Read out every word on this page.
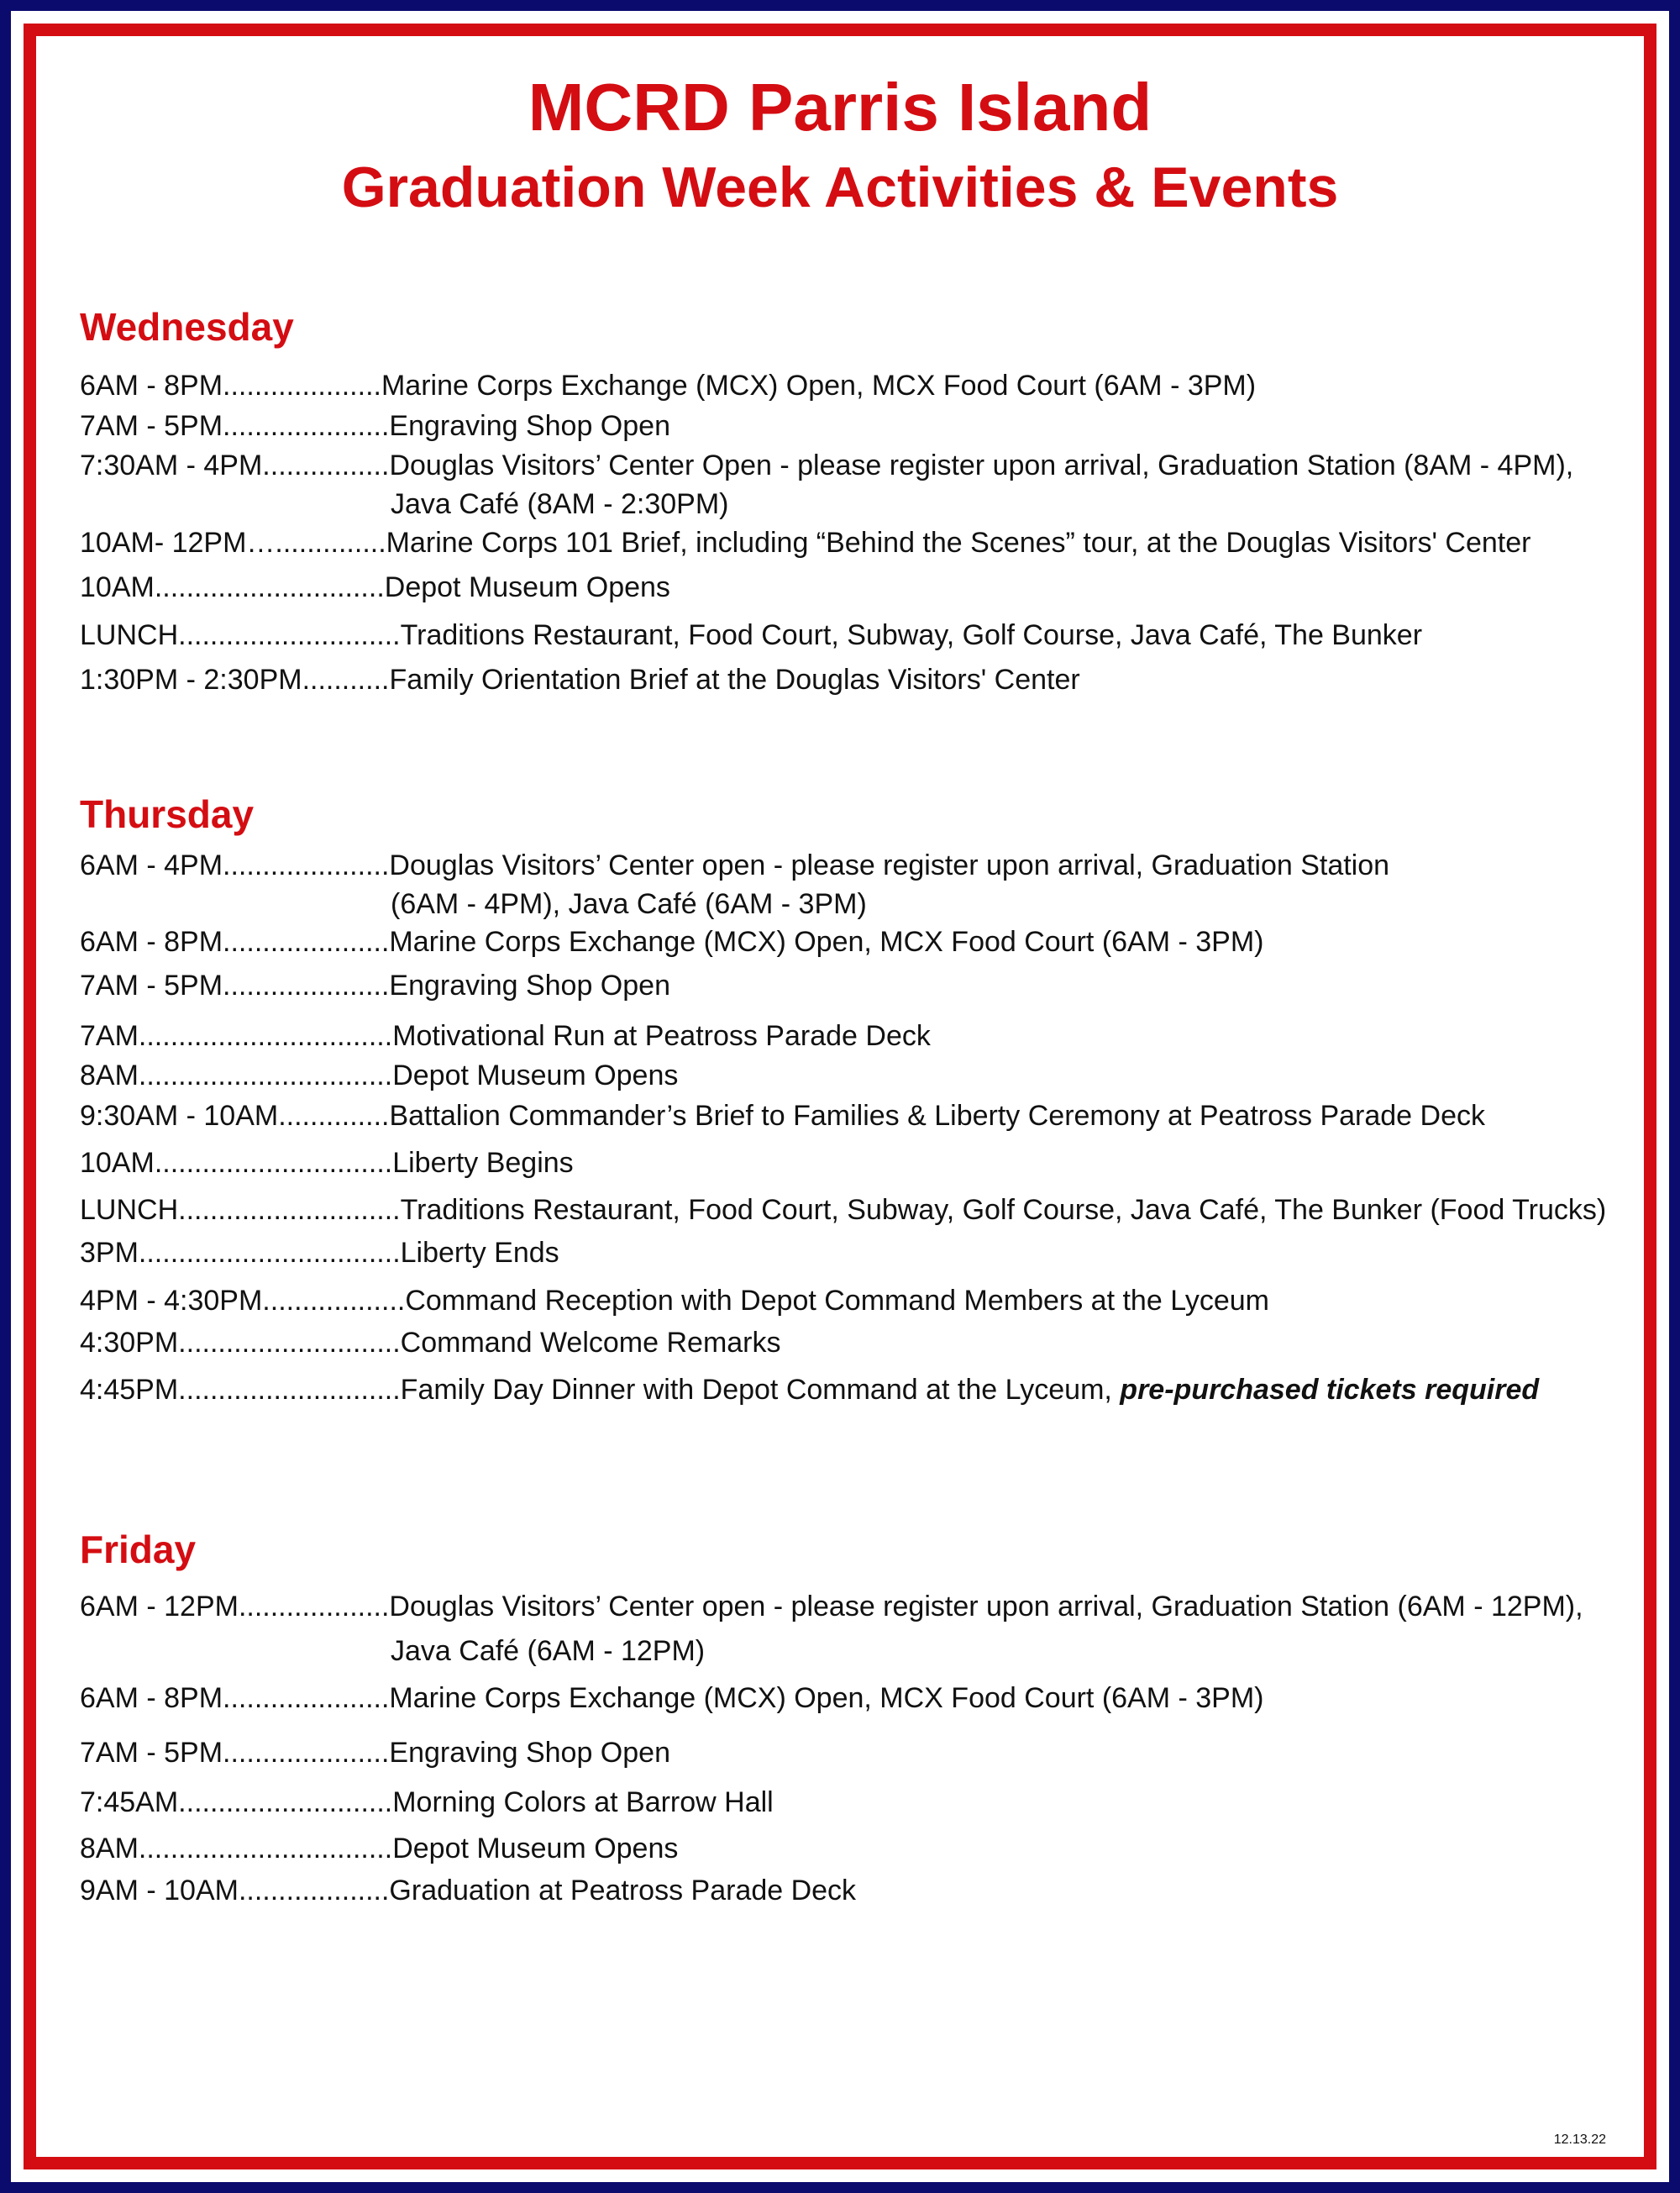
MCRD Parris Island
Graduation Week Activities & Events
Wednesday
6AM - 8PM....................Marine Corps Exchange (MCX) Open, MCX Food Court (6AM - 3PM)
7AM - 5PM.....................Engraving Shop Open
7:30AM - 4PM................Douglas Visitors’ Center Open - please register upon arrival, Graduation Station (8AM - 4PM),
Java Café (8AM - 2:30PM)
10AM- 12PM…..............Marine Corps 101 Brief, including “Behind the Scenes” tour, at the Douglas Visitors' Center
10AM.............................Depot Museum Opens
LUNCH............................Traditions Restaurant, Food Court, Subway, Golf Course, Java Café, The Bunker
1:30PM - 2:30PM...........Family Orientation Brief at the Douglas Visitors' Center
Thursday
6AM - 4PM.....................Douglas Visitors’ Center open - please register upon arrival, Graduation Station
(6AM - 4PM), Java Café (6AM - 3PM)
6AM - 8PM.....................Marine Corps Exchange (MCX) Open, MCX Food Court (6AM - 3PM)
7AM - 5PM.....................Engraving Shop Open
7AM................................Motivational Run at Peatross Parade Deck
8AM................................Depot Museum Opens
9:30AM - 10AM..............Battalion Commander’s Brief to Families & Liberty Ceremony at Peatross Parade Deck
10AM..............................Liberty Begins
LUNCH............................Traditions Restaurant, Food Court, Subway, Golf Course, Java Café, The Bunker (Food Trucks)
3PM.................................Liberty Ends
4PM - 4:30PM..................Command Reception with Depot Command Members at the Lyceum
4:30PM............................Command Welcome Remarks
4:45PM............................Family Day Dinner with Depot Command at the Lyceum, pre-purchased tickets required
Friday
6AM - 12PM...................Douglas Visitors’ Center open - please register upon arrival, Graduation Station (6AM - 12PM),
Java Café (6AM - 12PM)
6AM - 8PM.....................Marine Corps Exchange (MCX) Open, MCX Food Court (6AM - 3PM)
7AM - 5PM.....................Engraving Shop Open
7:45AM...........................Morning Colors at Barrow Hall
8AM................................Depot Museum Opens
9AM - 10AM...................Graduation at Peatross Parade Deck
12.13.22
